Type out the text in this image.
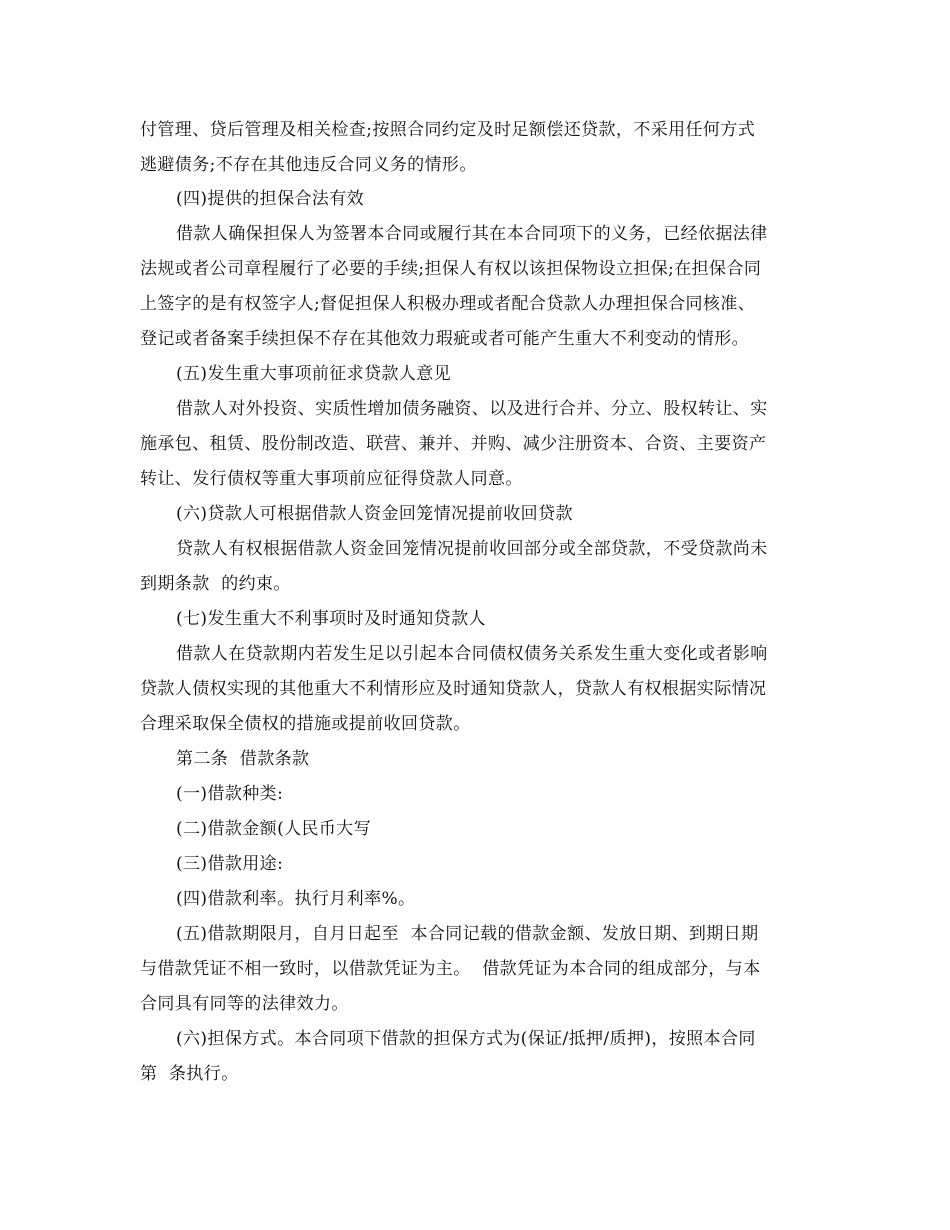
付管理、贷后管理及相关检查;按照合同约定及时足额偿还贷款，不采用任何方式
逃避债务;不存在其他违反合同义务的情形。
(四)提供的担保合法有效
借款人确保担保人为签署本合同或履行其在本合同项下的义务，已经依据法律
法规或者公司章程履行了必要的手续;担保人有权以该担保物设立担保;在担保合同
上签字的是有权签字人;督促担保人积极办理或者配合贷款人办理担保合同核准、
登记或者备案手续担保不存在其他效力瑕疵或者可能产生重大不利变动的情形。
(五)发生重大事项前征求贷款人意见
借款人对外投资、实质性增加债务融资、以及进行合并、分立、股权转让、实
施承包、租赁、股份制改造、联营、兼并、并购、减少注册资本、合资、主要资产
转让、发行债权等重大事项前应征得贷款人同意。
(六)贷款人可根据借款人资金回笼情况提前收回贷款
贷款人有权根据借款人资金回笼情况提前收回部分或全部贷款，不受贷款尚未
到期条款  的约束。
(七)发生重大不利事项时及时通知贷款人
借款人在贷款期内若发生足以引起本合同债权债务关系发生重大变化或者影响
贷款人债权实现的其他重大不利情形应及时通知贷款人，贷款人有权根据实际情况
合理采取保全债权的措施或提前收回贷款。
第二条  借款条款
(一)借款种类:
(二)借款金额(人民币大写
(三)借款用途:
(四)借款利率。执行月利率%。
(五)借款期限月，自月日起至  本合同记载的借款金额、发放日期、到期日期
与借款凭证不相一致时，以借款凭证为主。  借款凭证为本合同的组成部分，与本
合同具有同等的法律效力。
(六)担保方式。本合同项下借款的担保方式为(保证/抵押/质押)，按照本合同
第  条执行。
